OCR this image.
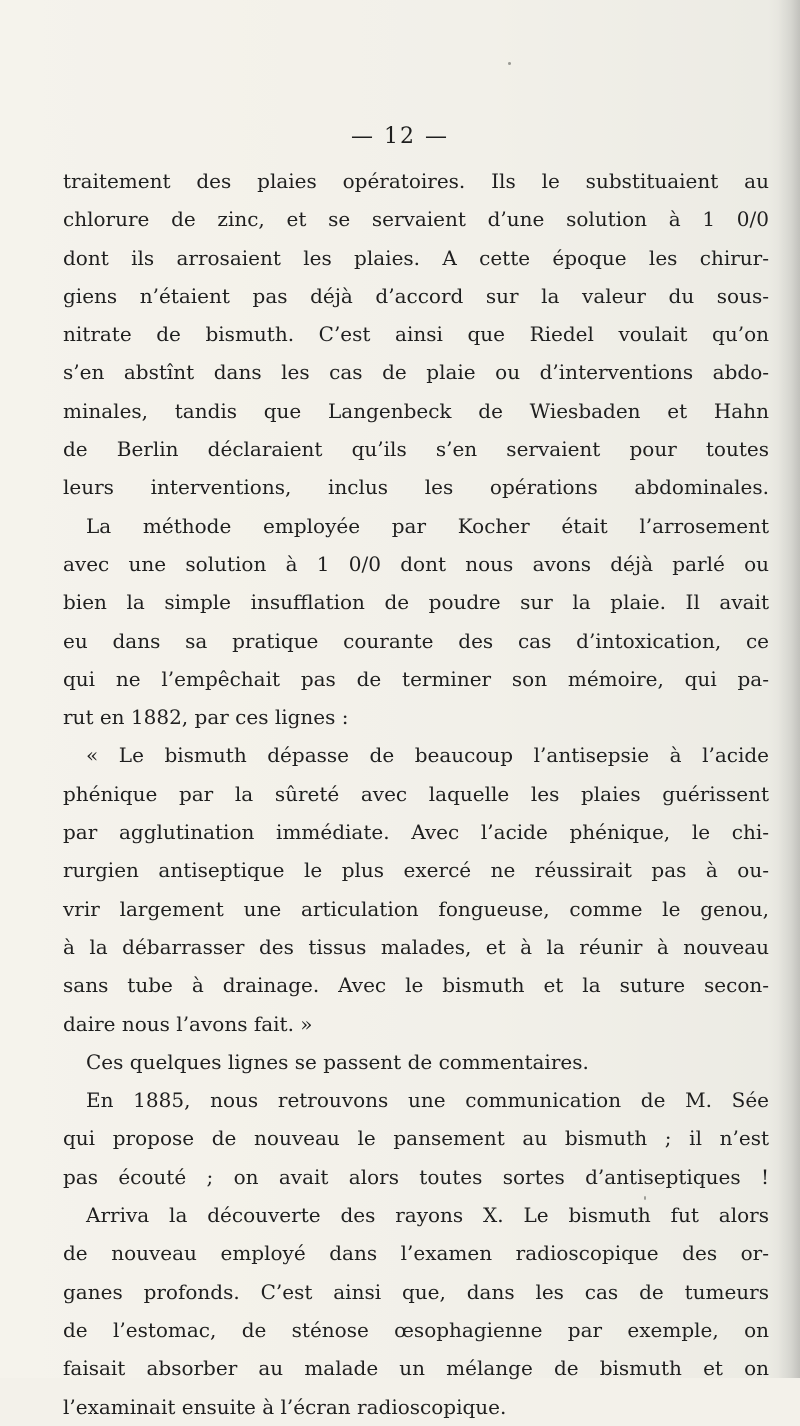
— 12 —
traitement des plaies opératoires. Ils le substituaient au
chlorure de zinc, et se servaient d’une solution à 1 0/0
dont ils arrosaient les plaies. A cette époque les chirur-
giens n’étaient pas déjà d’accord sur la valeur du sous-
nitrate de bismuth. C’est ainsi que Riedel voulait qu’on
s’en abstînt dans les cas de plaie ou d’interventions abdo-
minales, tandis que Langenbeck de Wiesbaden et Hahn
de Berlin déclaraient qu’ils s’en servaient pour toutes
leurs interventions, inclus les opérations abdominales.
La méthode employée par Kocher était l’arrosement
avec une solution à 1 0/0 dont nous avons déjà parlé ou
bien la simple insufflation de poudre sur la plaie. Il avait
eu dans sa pratique courante des cas d’intoxication, ce
qui ne l’empêchait pas de terminer son mémoire, qui pa-
rut en 1882, par ces lignes :
« Le bismuth dépasse de beaucoup l’antisepsie à l’acide
phénique par la sûreté avec laquelle les plaies guérissent
par agglutination immédiate. Avec l’acide phénique, le chi-
rurgien antiseptique le plus exercé ne réussirait pas à ou-
vrir largement une articulation fongueuse, comme le genou,
à la débarrasser des tissus malades, et à la réunir à nouveau
sans tube à drainage. Avec le bismuth et la suture secon-
daire nous l’avons fait. »
Ces quelques lignes se passent de commentaires.
En 1885, nous retrouvons une communication de M. Sée
qui propose de nouveau le pansement au bismuth ; il n’est
pas écouté ; on avait alors toutes sortes d’antiseptiques !
Arriva la découverte des rayons X. Le bismuth fut alors
de nouveau employé dans l’examen radioscopique des or-
ganes profonds. C’est ainsi que, dans les cas de tumeurs
de l’estomac, de sténose œsophagienne par exemple, on
faisait absorber au malade un mélange de bismuth et on
l’examinait ensuite à l’écran radioscopique.
